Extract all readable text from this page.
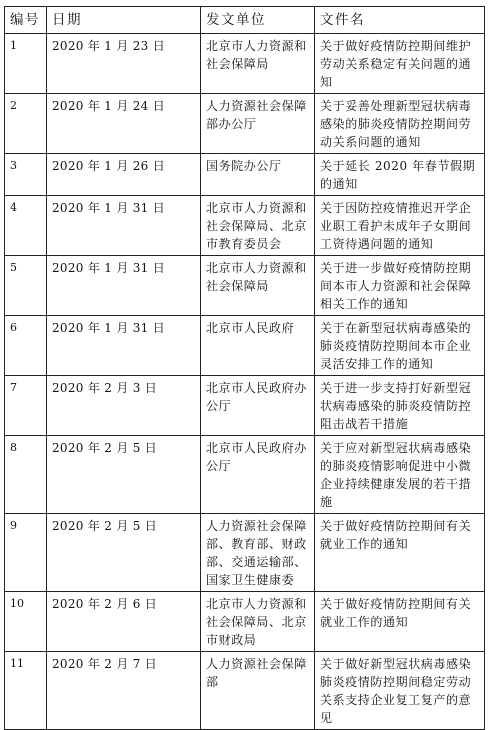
编号	日期	发文单位	文件名
1	2020 年 1 月 23 日	北京市人力资源和社会保障局	关于做好疫情防控期间维护劳动关系稳定有关问题的通知
2	2020 年 1 月 24 日	人力资源社会保障部办公厅	关于妥善处理新型冠状病毒感染的肺炎疫情防控期间劳动关系问题的通知
3	2020 年 1 月 26 日	国务院办公厅	关于延长 2020 年春节假期的通知
4	2020 年 1 月 31 日	北京市人力资源和社会保障局、北京市教育委员会	关于因防控疫情推迟开学企业职工看护未成年子女期间工资待遇问题的通知
5	2020 年 1 月 31 日	北京市人力资源和社会保障局	关于进一步做好疫情防控期间本市人力资源和社会保障相关工作的通知
6	2020 年 1 月 31 日	北京市人民政府	关于在新型冠状病毒感染的肺炎疫情防控期间本市企业灵活安排工作的通知
7	2020 年 2 月 3 日	北京市人民政府办公厅	关于进一步支持打好新型冠状病毒感染的肺炎疫情防控阻击战若干措施
8	2020 年 2 月 5 日	北京市人民政府办公厅	关于应对新型冠状病毒感染的肺炎疫情影响促进中小微企业持续健康发展的若干措施
9	2020 年 2 月 5 日	人力资源社会保障部、教育部、财政部、交通运输部、国家卫生健康委	关于做好疫情防控期间有关就业工作的通知
10	2020 年 2 月 6 日	北京市人力资源和社会保障局、北京市财政局	关于做好疫情防控期间有关就业工作的通知
11	2020 年 2 月 7 日	人力资源社会保障部	关于做好新型冠状病毒感染肺炎疫情防控期间稳定劳动关系支持企业复工复产的意见
